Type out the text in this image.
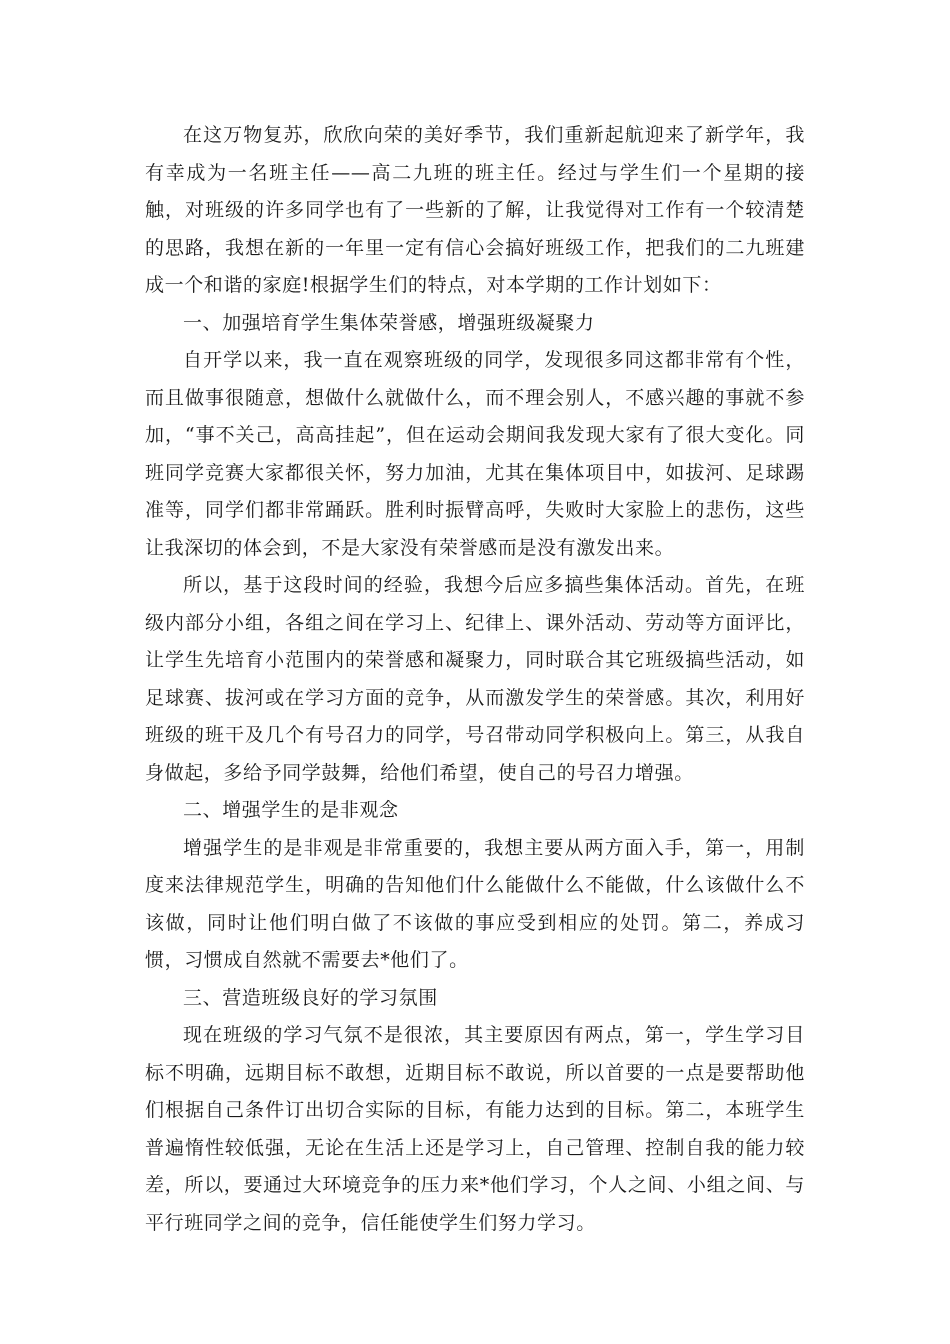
在这万物复苏，欣欣向荣的美好季节，我们重新起航迎来了新学年，我有幸成为一名班主任——高二九班的班主任。经过与学生们一个星期的接触，对班级的许多同学也有了一些新的了解，让我觉得对工作有一个较清楚的思路，我想在新的一年里一定有信心会搞好班级工作，把我们的二九班建成一个和谐的家庭!根据学生们的特点，对本学期的工作计划如下：

一、加强培育学生集体荣誉感，增强班级凝聚力

自开学以来，我一直在观察班级的同学，发现很多同这都非常有个性，而且做事很随意，想做什么就做什么，而不理会别人，不感兴趣的事就不参加，“事不关己，高高挂起”，但在运动会期间我发现大家有了很大变化。同班同学竞赛大家都很关怀，努力加油，尤其在集体项目中，如拔河、足球踢准等，同学们都非常踊跃。胜利时振臂高呼，失败时大家脸上的悲伤，这些让我深切的体会到，不是大家没有荣誉感而是没有激发出来。

所以，基于这段时间的经验，我想今后应多搞些集体活动。首先，在班级内部分小组，各组之间在学习上、纪律上、课外活动、劳动等方面评比，让学生先培育小范围内的荣誉感和凝聚力，同时联合其它班级搞些活动，如足球赛、拔河或在学习方面的竞争，从而激发学生的荣誉感。其次，利用好班级的班干及几个有号召力的同学，号召带动同学积极向上。第三，从我自身做起，多给予同学鼓舞，给他们希望，使自己的号召力增强。

二、增强学生的是非观念

增强学生的是非观是非常重要的，我想主要从两方面入手，第一，用制度来法律规范学生，明确的告知他们什么能做什么不能做，什么该做什么不该做，同时让他们明白做了不该做的事应受到相应的处罚。第二，养成习惯，习惯成自然就不需要去*他们了。

三、营造班级良好的学习氛围

现在班级的学习气氛不是很浓，其主要原因有两点，第一，学生学习目标不明确，远期目标不敢想，近期目标不敢说，所以首要的一点是要帮助他们根据自己条件订出切合实际的目标，有能力达到的目标。第二，本班学生普遍惰性较低强，无论在生活上还是学习上，自己管理、控制自我的能力较差，所以，要通过大环境竞争的压力来*他们学习，个人之间、小组之间、与平行班同学之间的竞争，信任能使学生们努力学习。
